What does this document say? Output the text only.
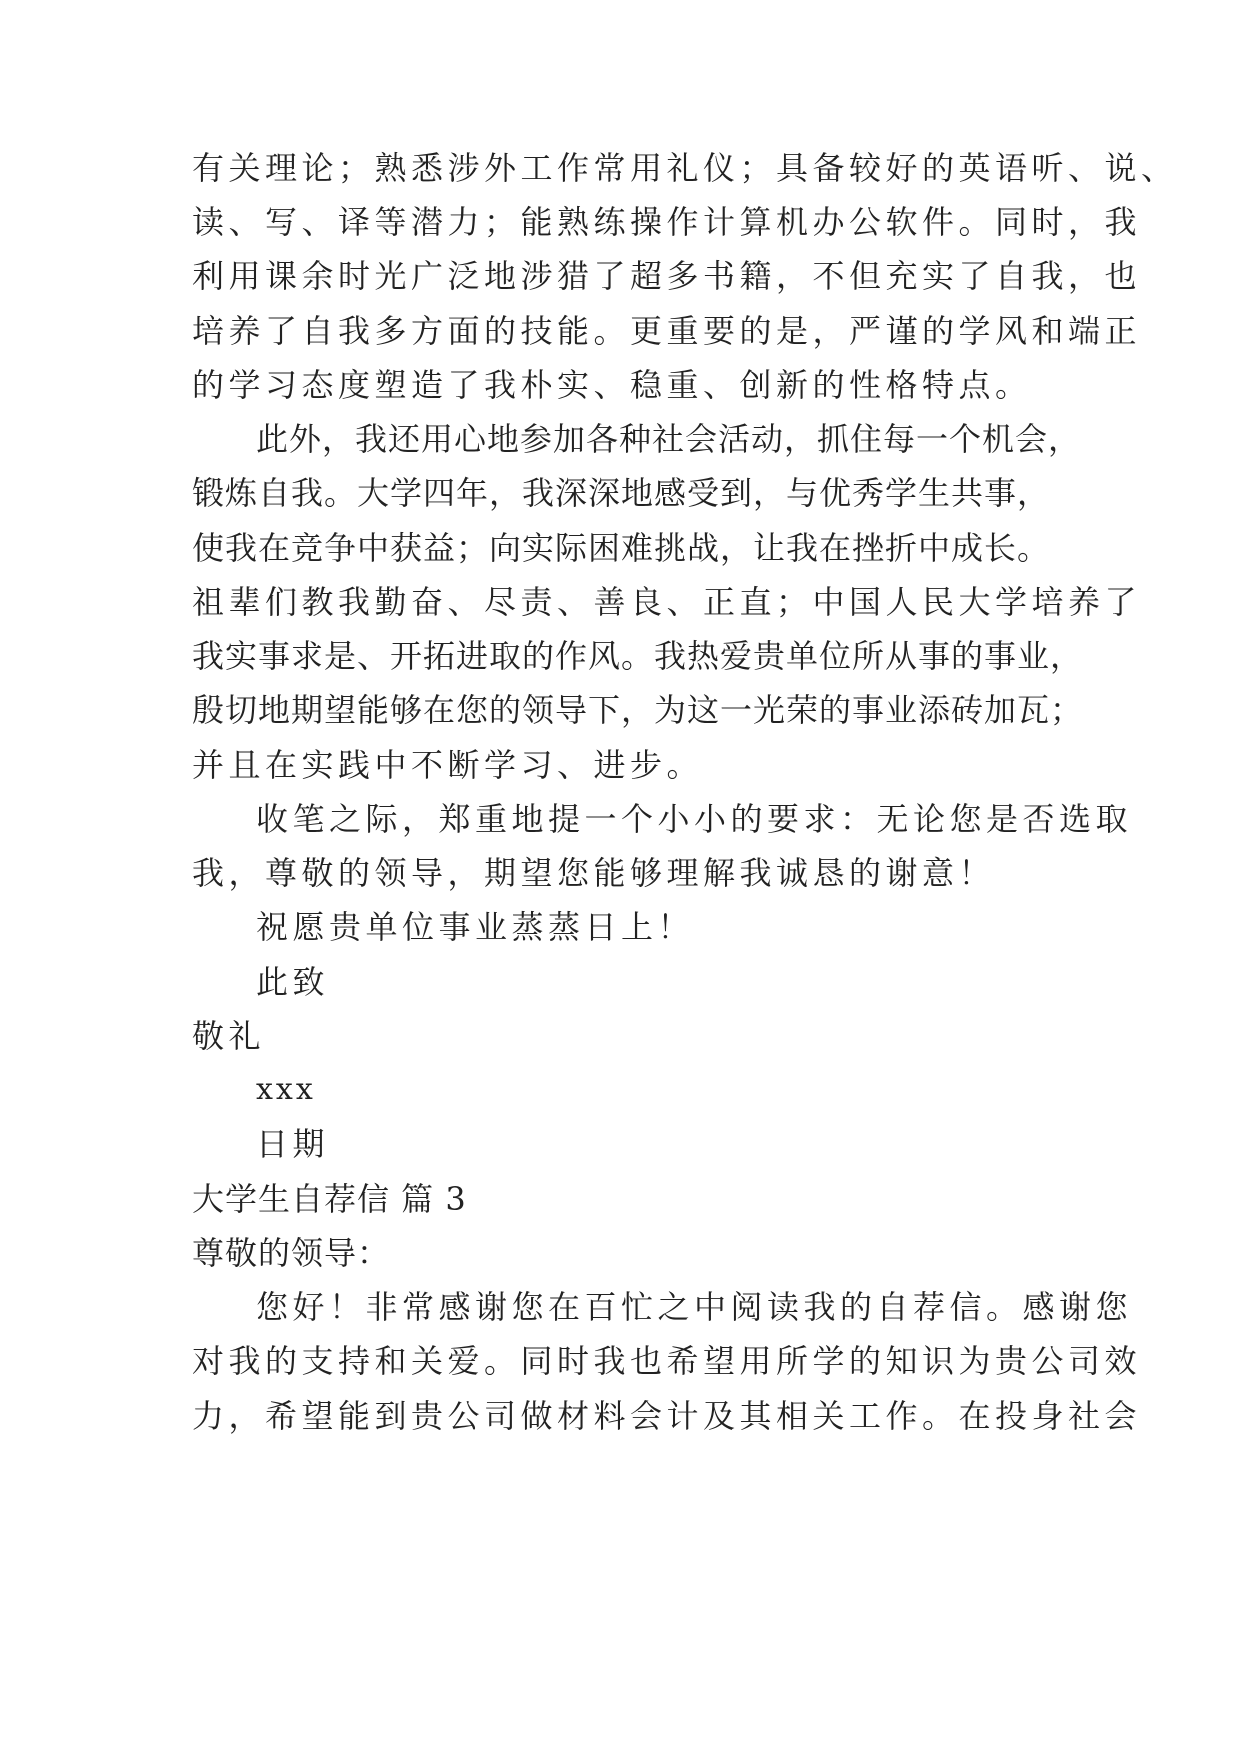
有关理论；熟悉涉外工作常用礼仪；具备较好的英语听、说、
读、写、译等潜力；能熟练操作计算机办公软件。同时，我
利用课余时光广泛地涉猎了超多书籍，不但充实了自我，也
培养了自我多方面的技能。更重要的是，严谨的学风和端正
的学习态度塑造了我朴实、稳重、创新的性格特点。
此外，我还用心地参加各种社会活动，抓住每一个机会，
锻炼自我。大学四年，我深深地感受到，与优秀学生共事，
使我在竞争中获益；向实际困难挑战，让我在挫折中成长。
祖辈们教我勤奋、尽责、善良、正直；中国人民大学培养了
我实事求是、开拓进取的作风。我热爱贵单位所从事的事业，
殷切地期望能够在您的领导下，为这一光荣的事业添砖加瓦；
并且在实践中不断学习、进步。
收笔之际，郑重地提一个小小的要求：无论您是否选取
我，尊敬的领导，期望您能够理解我诚恳的谢意！
祝愿贵单位事业蒸蒸日上！
此致
敬礼
xxx
日期
大学生自荐信 篇 3
尊敬的领导：
您好！非常感谢您在百忙之中阅读我的自荐信。感谢您
对我的支持和关爱。同时我也希望用所学的知识为贵公司效
力，希望能到贵公司做材料会计及其相关工作。在投身社会
